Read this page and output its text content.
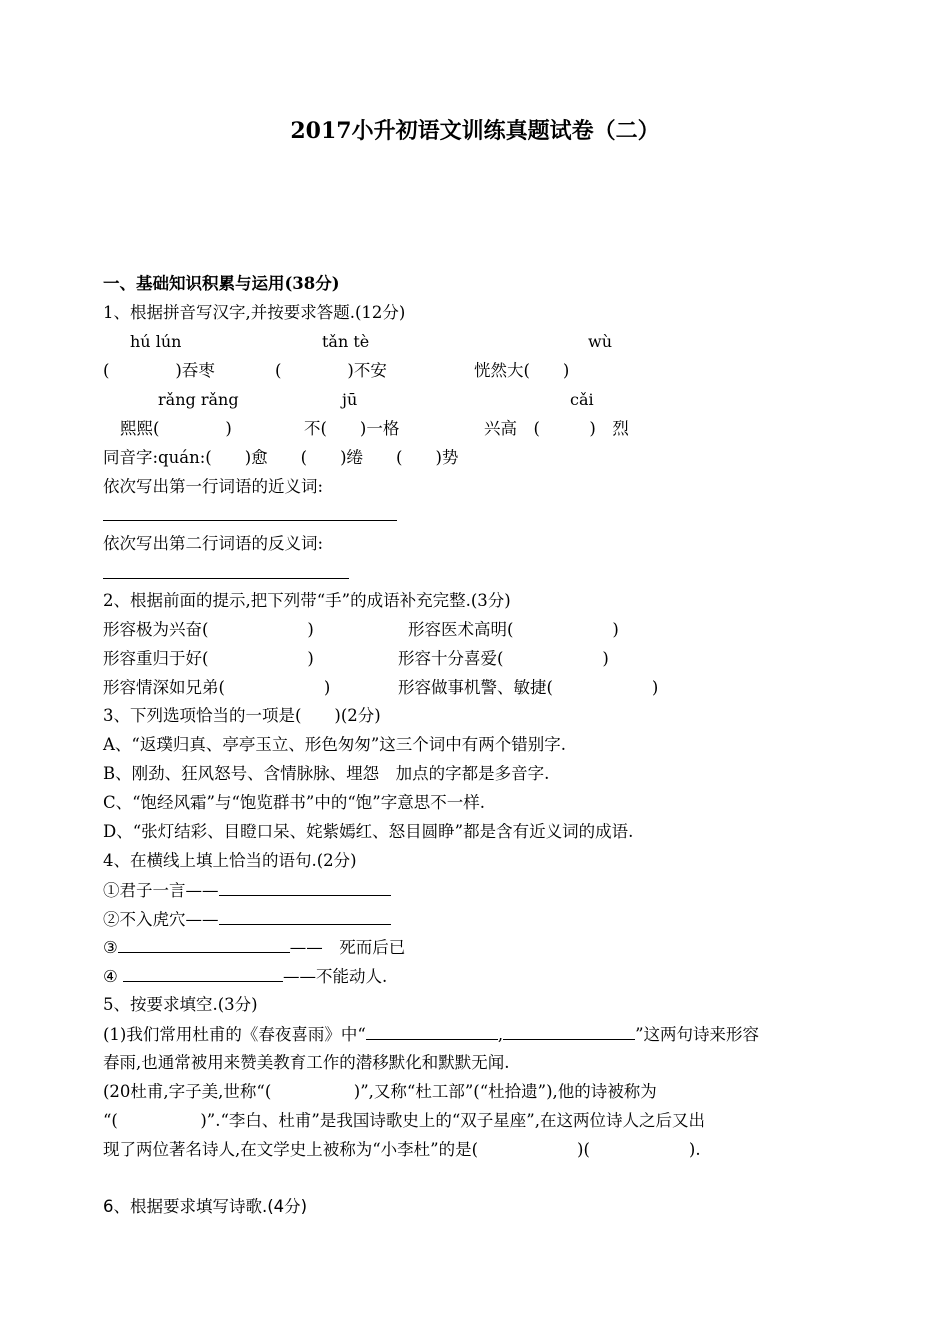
2017小升初语文训练真题试卷（二）
一、基础知识积累与运用(38分)
1、根据拼音写汉字,并按要求答题.(12分)
hú lún	tǎn tè	wù
(　　　　)吞枣	(　　　　)不安	恍然大(　　)
rǎng rǎng	jū	cǎi
熙熙(　　　　)	不(　　)一格	兴高　(　　　)　烈
同音字:quán:(　　)愈　　(　　)绻　　(　　)势
依次写出第一行词语的近义词:
依次写出第二行词语的反义词:
2、根据前面的提示,把下列带“手”的成语补充完整.(3分)
形容极为兴奋(　　　　　　)	形容医术高明(　　　　　　)
形容重归于好(　　　　　　)	形容十分喜爱(　　　　　　)
形容情深如兄弟(　　　　　　)	形容做事机警、敏捷(　　　　　　)
3、下列选项恰当的一项是(　　)(2分)
A、“返璞归真、亭亭玉立、形色匆匆”这三个词中有两个错别字.
B、刚劲、狂风怒号、含情脉脉、埋怨　加点的字都是多音字.
C、“饱经风霜”与“饱览群书”中的“饱”字意思不一样.
D、“张灯结彩、目瞪口呆、姹紫嫣红、怒目圆睁”都是含有近义词的成语.
4、在横线上填上恰当的语句.(2分)
①君子一言——
②不入虎穴——
③	——　死而后已
④	——不能动人.
5、按要求填空.(3分)
(1)我们常用杜甫的《春夜喜雨》中“	,	”这两句诗来形容
春雨,也通常被用来赞美教育工作的潜移默化和默默无闻.
(20杜甫,字子美,世称“(　　　　　)”,又称“杜工部”(“杜拾遗”),他的诗被称为
“(　　　　　)”.“李白、杜甫”是我国诗歌史上的“双子星座”,在这两位诗人之后又出
现了两位著名诗人,在文学史上被称为“小李杜”的是(　　　　　　)(　　　　　　).
6、根据要求填写诗歌.(4分)
